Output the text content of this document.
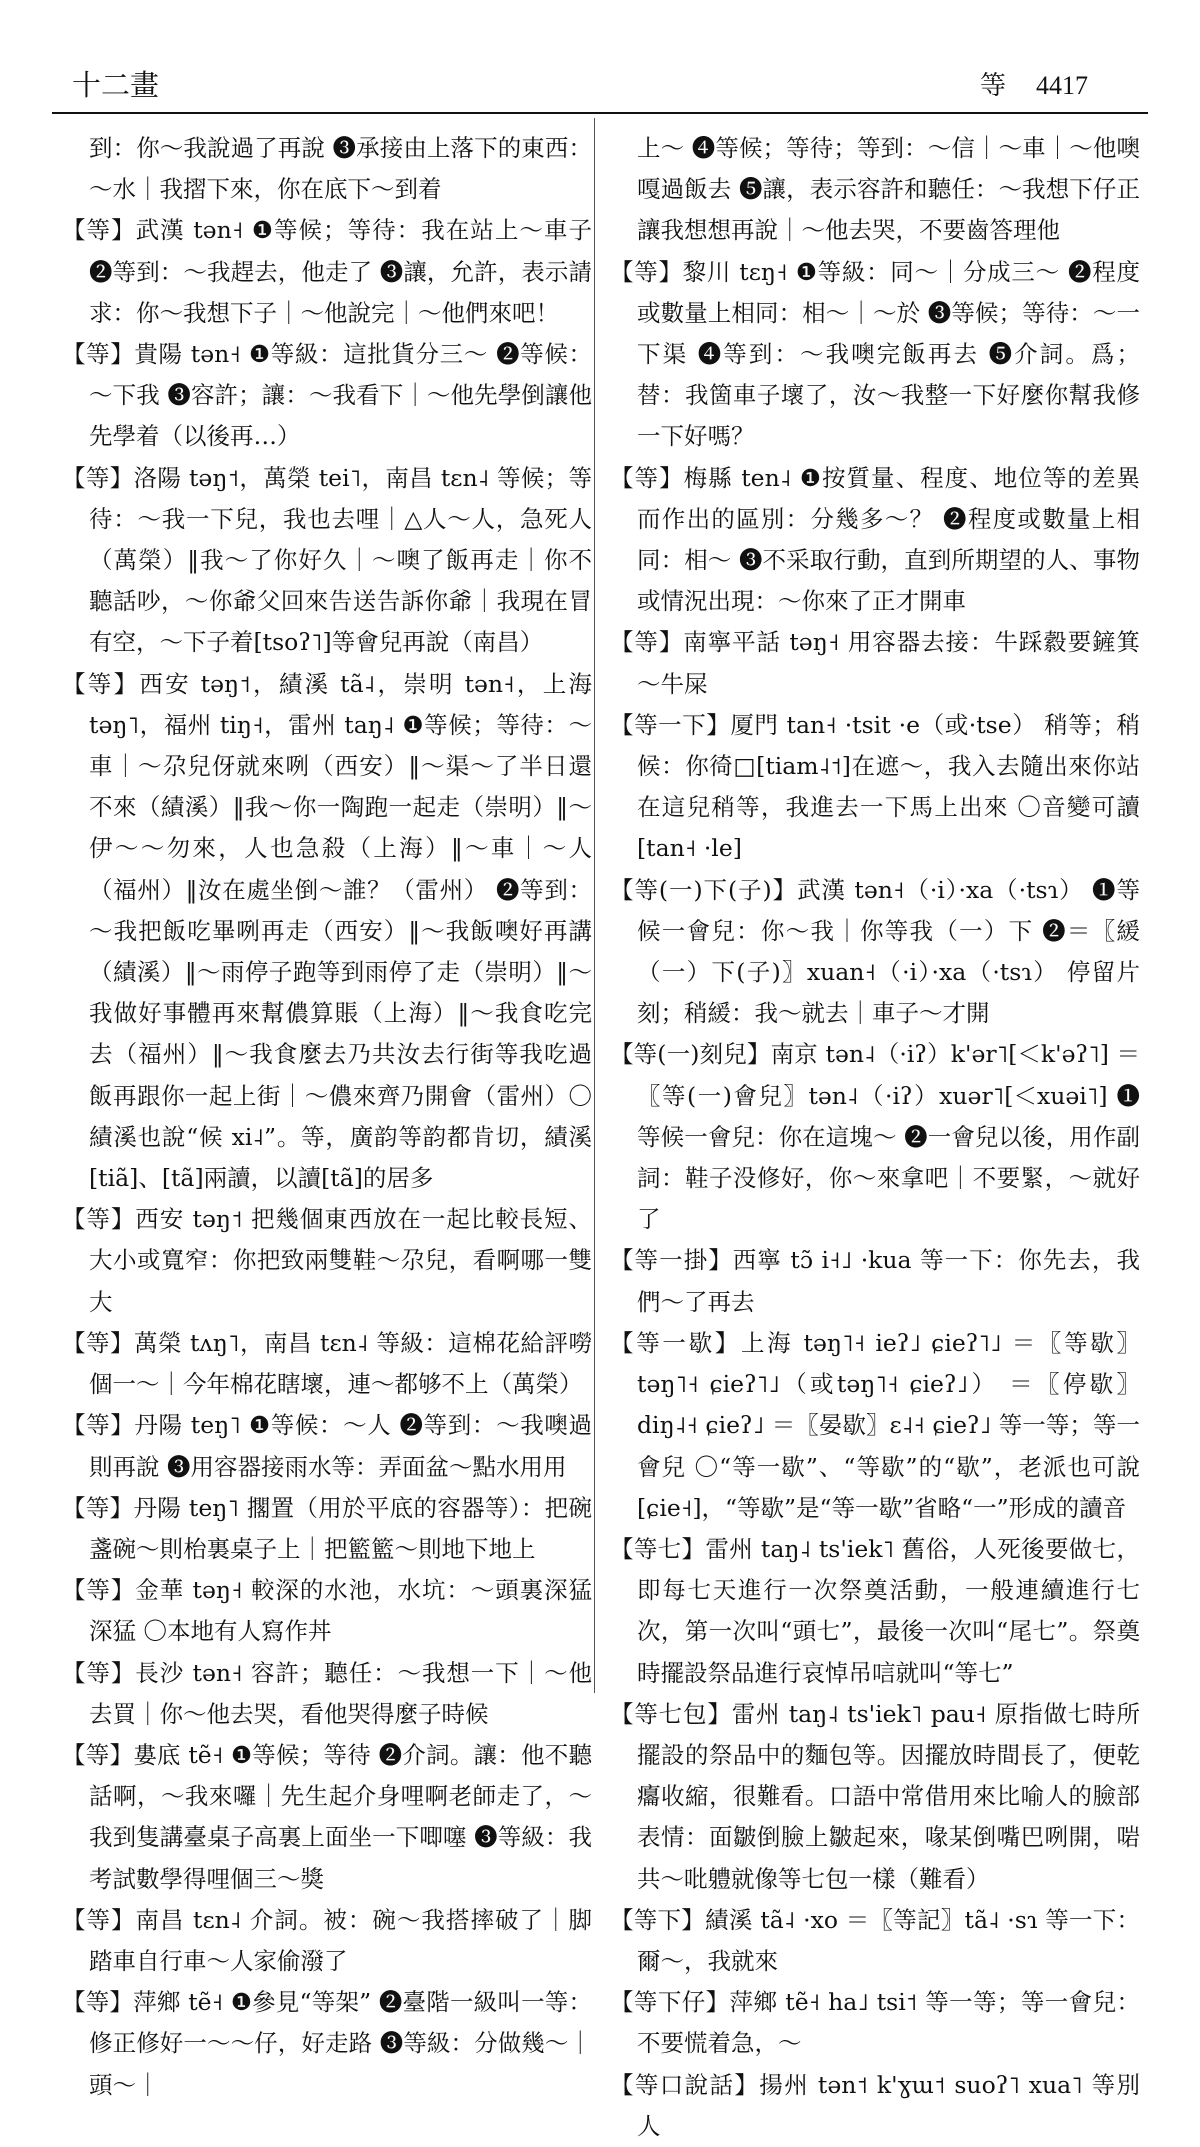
十二畫	等 4417

到：你～我說過了再說 ❸承接由上落下的東西：～水｜我摺下來，你在底下～到着

【等】武漢 tən˧ ❶等候；等待：我在站上～車子 ❷等到：～我趕去，他走了 ❸讓，允許，表示請求：你～我想下子｜～他說完｜～他們來吧！

【等】貴陽 tən˧ ❶等級：這批貨分三～ ❷等候：～下我 ❸容許；讓：～我看下｜～他先學倒讓他先學着（以後再…）

【等】洛陽 təŋ˦，萬榮 tei˥，南昌 tɛn˨ 等候；等待：～我一下兒，我也去哩｜△人～人，急死人（萬榮）‖我～了你好久｜～噢了飯再走｜你不聽話吵，～你爺父回來告送告訴你爺｜我現在冒有空，～下子着[tsoʔ˥]等會兒再說（南昌）

【等】西安 təŋ˦，績溪 tã˨，崇明 tən˧，上海 təŋ˥，福州 tiŋ˧，雷州 taŋ˨ ❶等候；等待：～車｜～尕兒伢就來咧（西安）‖～渠～了半日還不來（績溪）‖我～你一陶跑一起走（崇明）‖～伊～～勿來，人也急殺（上海）‖～車｜～人（福州）‖汝在處坐倒～誰？（雷州） ❷等到：～我把飯吃畢咧再走（西安）‖～我飯噢好再講（績溪）‖～雨停子跑等到雨停了走（崇明）‖～我做好事體再來幫儂算賬（上海）‖～我食吃完去（福州）‖～我食麼去乃共汝去行街等我吃過飯再跟你一起上街｜～儂來齊乃開會（雷州）〇績溪也說“候 xi˨”。等，廣韵等韵都肯切，績溪[tiã]、[tã]兩讀，以讀[tã]的居多

【等】西安 təŋ˦ 把幾個東西放在一起比較長短、大小或寬窄：你把致兩雙鞋～尕兒，看啊哪一雙大

【等】萬榮 tʌŋ˥，南昌 tɛn˨ 等級：這棉花給評嘮個一～｜今年棉花瞎壞，連～都够不上（萬榮）

【等】丹陽 teŋ˥ ❶等候：～人 ❷等到：～我噢過則再說 ❸用容器接雨水等：弄面盆～點水用用

【等】丹陽 teŋ˥ 擱置（用於平底的容器等）：把碗盞碗～則枱裏桌子上｜把籃籃～則地下地上

【等】金華 təŋ˧ 較深的水池，水坑：～頭裏深猛深猛 〇本地有人寫作丼

【等】長沙 tən˧ 容許；聽任：～我想一下｜～他去買｜你～他去哭，看他哭得麼子時候

【等】婁底 tẽ˧ ❶等候；等待 ❷介詞。讓：他不聽話啊，～我來囉｜先生起介身哩啊老師走了，～我到隻講臺桌子高裏上面坐一下唧噻 ❸等級：我考試數學得哩個三～獎

【等】南昌 tɛn˨ 介詞。被：碗～我搭摔破了｜脚踏車自行車～人家偷潑了

【等】萍鄉 tẽ˧ ❶參見“等架” ❷臺階一級叫一等：修正修好一～～仔，好走路 ❸等級：分做幾～｜頭～｜

上～ ❹等候；等待；等到：～信｜～車｜～他噢嘎過飯去 ❺讓，表示容許和聽任：～我想下仔正讓我想想再說｜～他去哭，不要齒答理他

【等】黎川 tɛŋ˧ ❶等級：同～｜分成三～ ❷程度或數量上相同：相～｜～於 ❸等候；等待：～一下渠 ❹等到：～我噢完飯再去 ❺介詞。爲；替：我箇車子壞了，汝～我整一下好麼你幫我修一下好嗎？

【等】梅縣 ten˨ ❶按質量、程度、地位等的差異而作出的區別：分幾多～？ ❷程度或數量上相同：相～ ❸不采取行動，直到所期望的人、事物或情況出現：～你來了正才開車

【等】南寧平話 təŋ˧ 用容器去接：牛踩縠要鏟箕～牛屎

【等一下】厦門 tan˧ ·tsit ·e（或·tse） 稍等；稍候：你徛□[tiam˨˦]在遮～，我入去隨出來你站在這兒稍等，我進去一下馬上出來 〇音變可讀[tan˧ ·le]

【等(一)下(子)】武漢 tən˧（·i）·xa（·tsɿ） ❶等候一會兒：你～我｜你等我（一）下 ❷＝〖緩（一）下(子)〗xuan˧（·i）·xa（·tsɿ） 停留片刻；稍緩：我～就去｜車子～才開

【等(一)刻兒】南京 tən˨（·iʔ）k'ər˥[＜k'əʔ˥] ＝〖等(一)會兒〗tən˨（·iʔ）xuər˥[＜xuəi˥] ❶等候一會兒：你在這塊～ ❷一會兒以後，用作副詞：鞋子没修好，你～來拿吧｜不要緊，～就好了

【等一掛】西寧 tɔ̃ i˧˩ ·kua 等一下：你先去，我們～了再去

【等一歇】上海 təŋ˥˧ ieʔ˩ ɕieʔ˥˩ ＝〖等歇〗təŋ˥˧ ɕieʔ˥˩（或təŋ˥˧ ɕieʔ˩） ＝〖停歇〗diŋ˨˧ ɕieʔ˩ ＝〖晏歇〗ɛ˨˧ ɕieʔ˩ 等一等；等一會兒 〇“等一歇”、“等歇”的“歇”，老派也可說[ɕie˧]，“等歇”是“等一歇”省略“一”形成的讀音

【等七】雷州 taŋ˨ ts'iek˥ 舊俗，人死後要做七，即每七天進行一次祭奠活動，一般連續進行七次，第一次叫“頭七”，最後一次叫“尾七”。祭奠時擺設祭品進行哀悼吊唁就叫“等七”

【等七包】雷州 taŋ˨ ts'iek˥ pau˧ 原指做七時所擺設的祭品中的麵包等。因擺放時間長了，便乾癟收縮，很難看。口語中常借用來比喻人的臉部表情：面皺倒臉上皺起來，喙某倒嘴巴咧開，啱共～吡軆就像等七包一樣（難看）

【等下】績溪 tã˨ ·xo ＝〖等記〗tã˨ ·sɿ 等一下：爾～，我就來

【等下仔】萍鄉 tẽ˧ ha˩ tsi˦ 等一等；等一會兒：不要慌着急，～

【等口說話】揚州 tən˦ k'ɣɯ˦ suoʔ˥ xua˥ 等別人
